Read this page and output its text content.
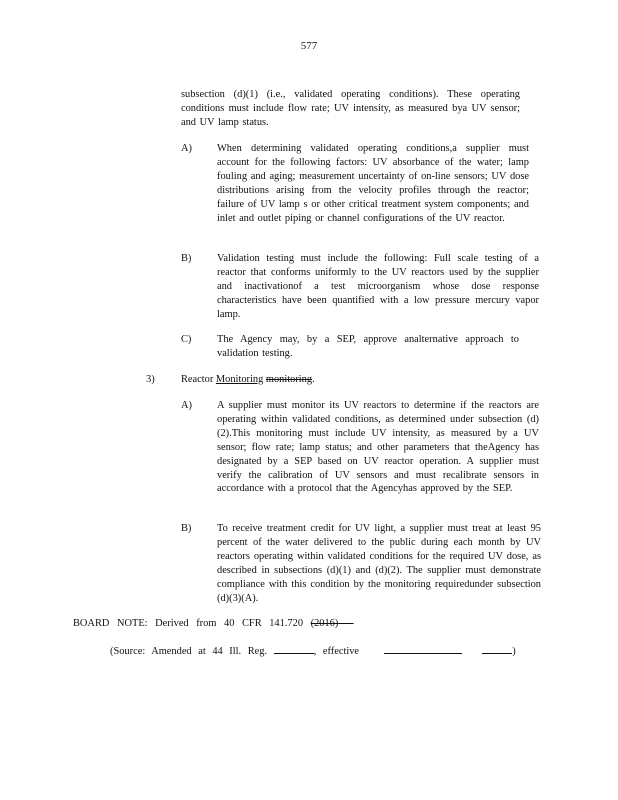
577
subsection (d)(1) (i.e., validated operating conditions). These operating conditions must include flow rate; UV intensity, as measured bya UV sensor; and UV lamp status.
A) When determining validated operating conditions,a supplier must account for the following factors: UV absorbance of the water; lamp fouling and aging; measurement uncertainty of on-line sensors; UV dose distributions arising from the velocity profiles through the reactor; failure of UV lamp s or other critical treatment system components; and inlet and outlet piping or channel configurations of the UV reactor.
B) Validation testing must include the following: Full scale testing of a reactor that conforms uniformly to the UV reactors used by the supplier and inactivationof a test microorganism whose dose response characteristics have been quantified with a low pressure mercury vapor lamp.
C) The Agency may, by a SEP, approve analternative approach to validation testing.
3)	Reactor Monitoring monitoring.
A) A supplier must monitor its UV reactors to determine if the reactors are operating within validated conditions, as determined under subsection (d)(2).This monitoring must include UV intensity, as measured by a UV sensor; flow rate; lamp status; and other parameters that theAgency has designated by a SEP based on UV reactor operation. A supplier must verify the calibration of UV sensors and must recalibrate sensors in accordance with a protocol that the Agencyhas approved by the SEP.
B) To receive treatment credit for UV light, a supplier must treat at least 95 percent of the water delivered to the public during each month by UV reactors operating within validated conditions for the required UV dose, as described in subsections (d)(1) and (d)(2). The supplier must demonstrate compliance with this condition by the monitoring requiredunder subsection (d)(3)(A).
BOARD NOTE: Derived from 40 CFR 141.720 (2016)
(Source: Amended at 44 Ill. Reg.	, effective	)
